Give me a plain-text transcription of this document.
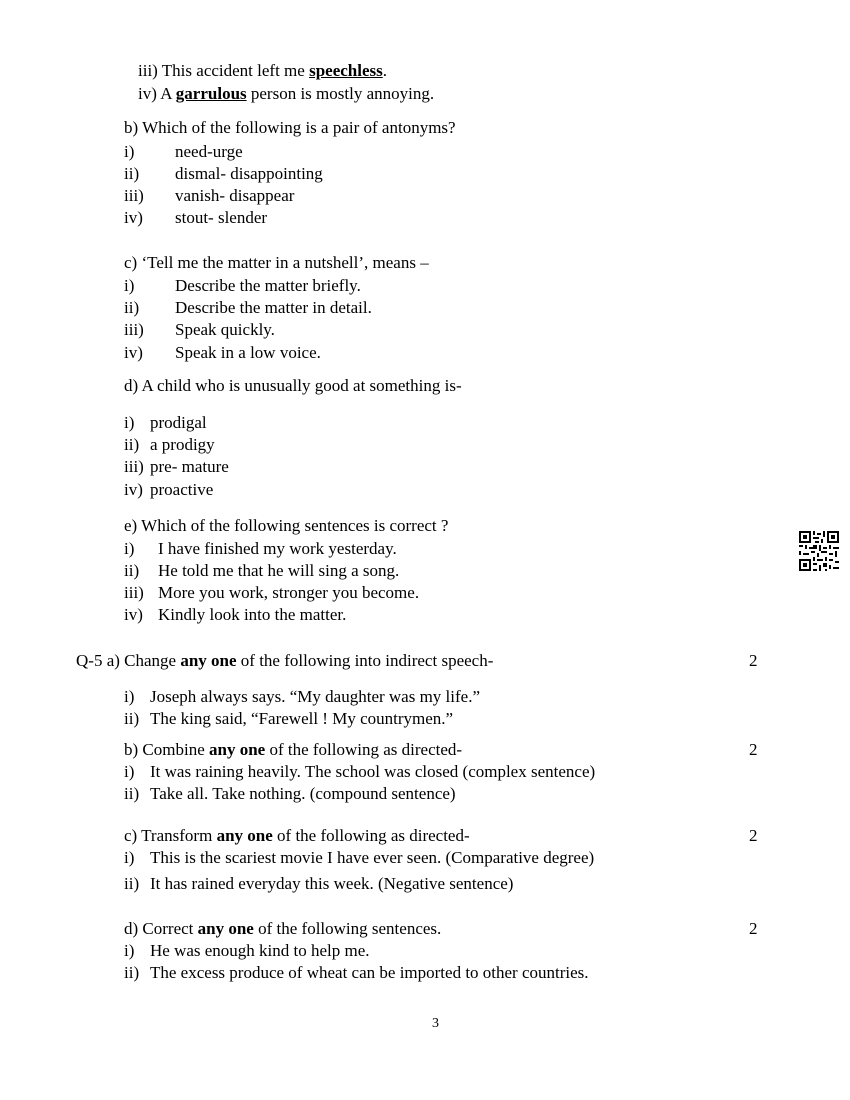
iii) This accident left me speechless.
iv) A garrulous person is mostly annoying.
b) Which of the following is a pair of antonyms?
i) need-urge
ii) dismal- disappointing
iii) vanish- disappear
iv) stout- slender
c) ‘Tell me the matter in a nutshell’, means –
i) Describe the matter briefly.
ii) Describe the matter in detail.
iii) Speak quickly.
iv) Speak in a low voice.
d) A child who is unusually good at something is-
i) prodigal
ii) a prodigy
iii) pre- mature
iv) proactive
e) Which of the following sentences is correct ?
i) I have finished my work yesterday.
ii) He told me that he will sing a song.
iii) More you work, stronger you become.
iv) Kindly look into the matter.
Q-5 a) Change any one of the following into indirect speech-	2
i) Joseph always says. “My daughter was my life.”
ii) The king said, “Farewell ! My countrymen.”
b) Combine any one of the following as directed-	2
i) It was raining heavily. The school was closed (complex sentence)
ii) Take all. Take nothing. (compound sentence)
c) Transform any one of the following as directed-	2
i) This is the scariest movie I have ever seen. (Comparative degree)
ii) It has rained everyday this week. (Negative sentence)
d) Correct any one of the following sentences.	2
i) He was enough kind to help me.
ii) The excess produce of wheat can be imported to other countries.
3
